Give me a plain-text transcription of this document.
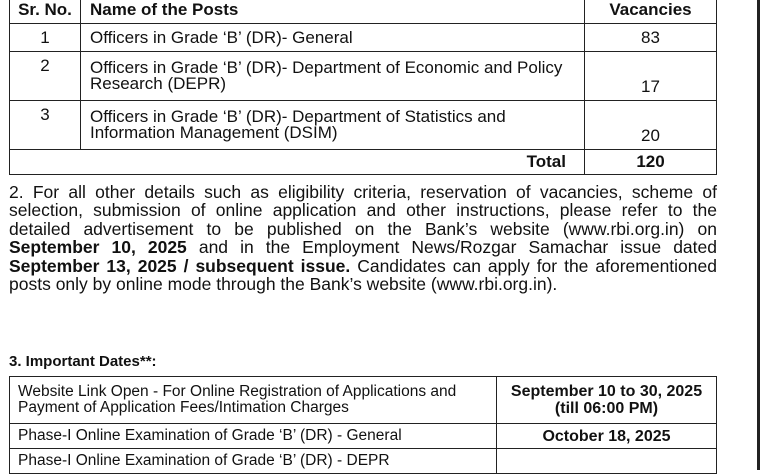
Sr. No.	Name of the Posts	Vacancies
1	Officers in Grade ‘B’ (DR)- General	83
2	Officers in Grade ‘B’ (DR)- Department of Economic and Policy Research (DEPR)	17
3	Officers in Grade ‘B’ (DR)- Department of Statistics and Information Management (DSIM)	20
Total		120
2. For all other details such as eligibility criteria, reservation of vacancies, scheme of selection, submission of online application and other instructions, please refer to the detailed advertisement to be published on the Bank’s website (www.rbi.org.in) on September 10, 2025 and in the Employment News/Rozgar Samachar issue dated September 13, 2025 / subsequent issue. Candidates can apply for the aforementioned posts only by online mode through the Bank’s website (www.rbi.org.in).
3. Important Dates**:
Website Link Open - For Online Registration of Applications and Payment of Application Fees/Intimation Charges	September 10 to 30, 2025 (till 06:00 PM)
Phase-I Online Examination of Grade ‘B’ (DR) - General	October 18, 2025
Phase-I Online Examination of Grade ‘B’ (DR) - DEPR	
